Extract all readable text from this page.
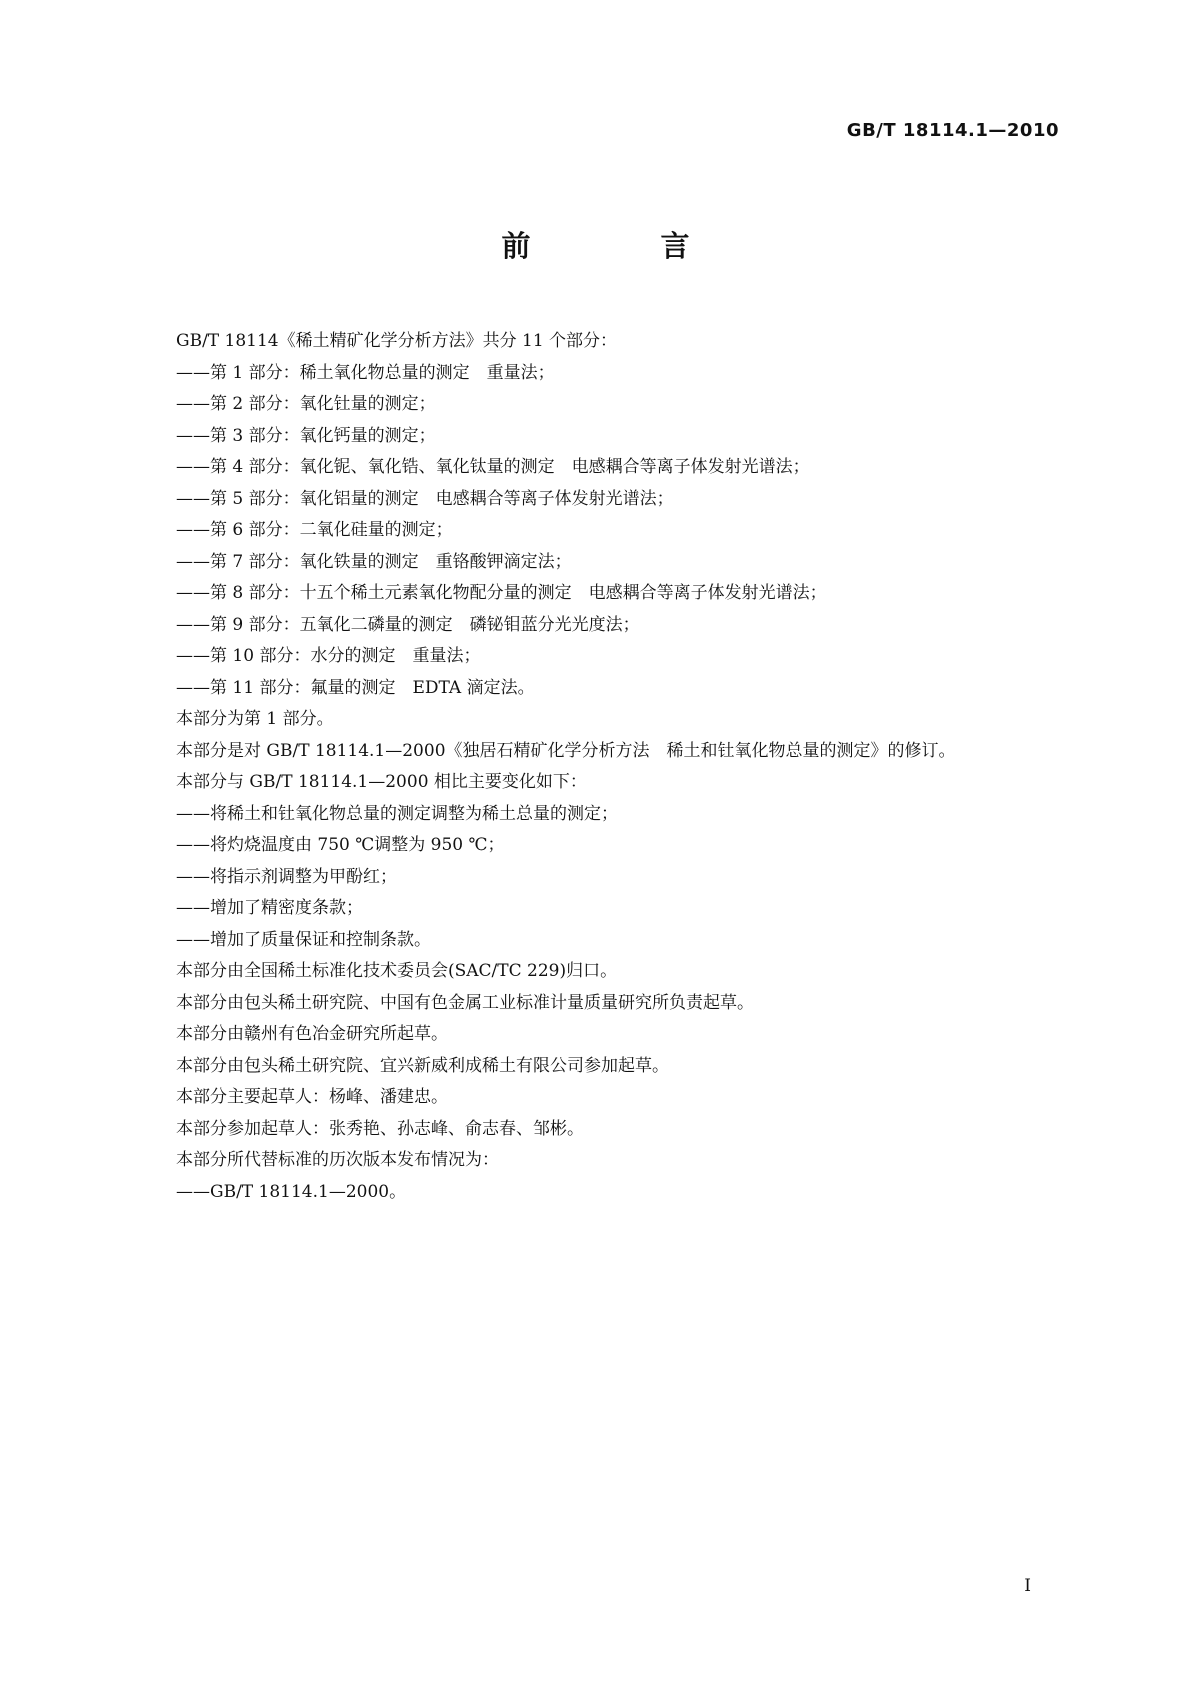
GB/T 18114.1—2010
前 言

GB/T 18114《稀土精矿化学分析方法》共分 11 个部分：

——第 1 部分：稀土氧化物总量的测定　重量法；

——第 2 部分：氧化钍量的测定；

——第 3 部分：氧化钙量的测定；

——第 4 部分：氧化铌、氧化锆、氧化钛量的测定　电感耦合等离子体发射光谱法；

——第 5 部分：氧化铝量的测定　电感耦合等离子体发射光谱法；

——第 6 部分：二氧化硅量的测定；

——第 7 部分：氧化铁量的测定　重铬酸钾滴定法；

——第 8 部分：十五个稀土元素氧化物配分量的测定　电感耦合等离子体发射光谱法；

——第 9 部分：五氧化二磷量的测定　磷铋钼蓝分光光度法；

——第 10 部分：水分的测定　重量法；

——第 11 部分：氟量的测定　EDTA 滴定法。

本部分为第 1 部分。

本部分是对 GB/T 18114.1—2000《独居石精矿化学分析方法　稀土和钍氧化物总量的测定》的修订。

本部分与 GB/T 18114.1—2000 相比主要变化如下：

——将稀土和钍氧化物总量的测定调整为稀土总量的测定；

——将灼烧温度由 750 ℃调整为 950 ℃；

——将指示剂调整为甲酚红；

——增加了精密度条款；

——增加了质量保证和控制条款。

本部分由全国稀土标准化技术委员会(SAC/TC 229)归口。

本部分由包头稀土研究院、中国有色金属工业标准计量质量研究所负责起草。

本部分由赣州有色冶金研究所起草。

本部分由包头稀土研究院、宜兴新威利成稀土有限公司参加起草。

本部分主要起草人：杨峰、潘建忠。

本部分参加起草人：张秀艳、孙志峰、俞志春、邹彬。

本部分所代替标准的历次版本发布情况为：

——GB/T 18114.1—2000。

I
